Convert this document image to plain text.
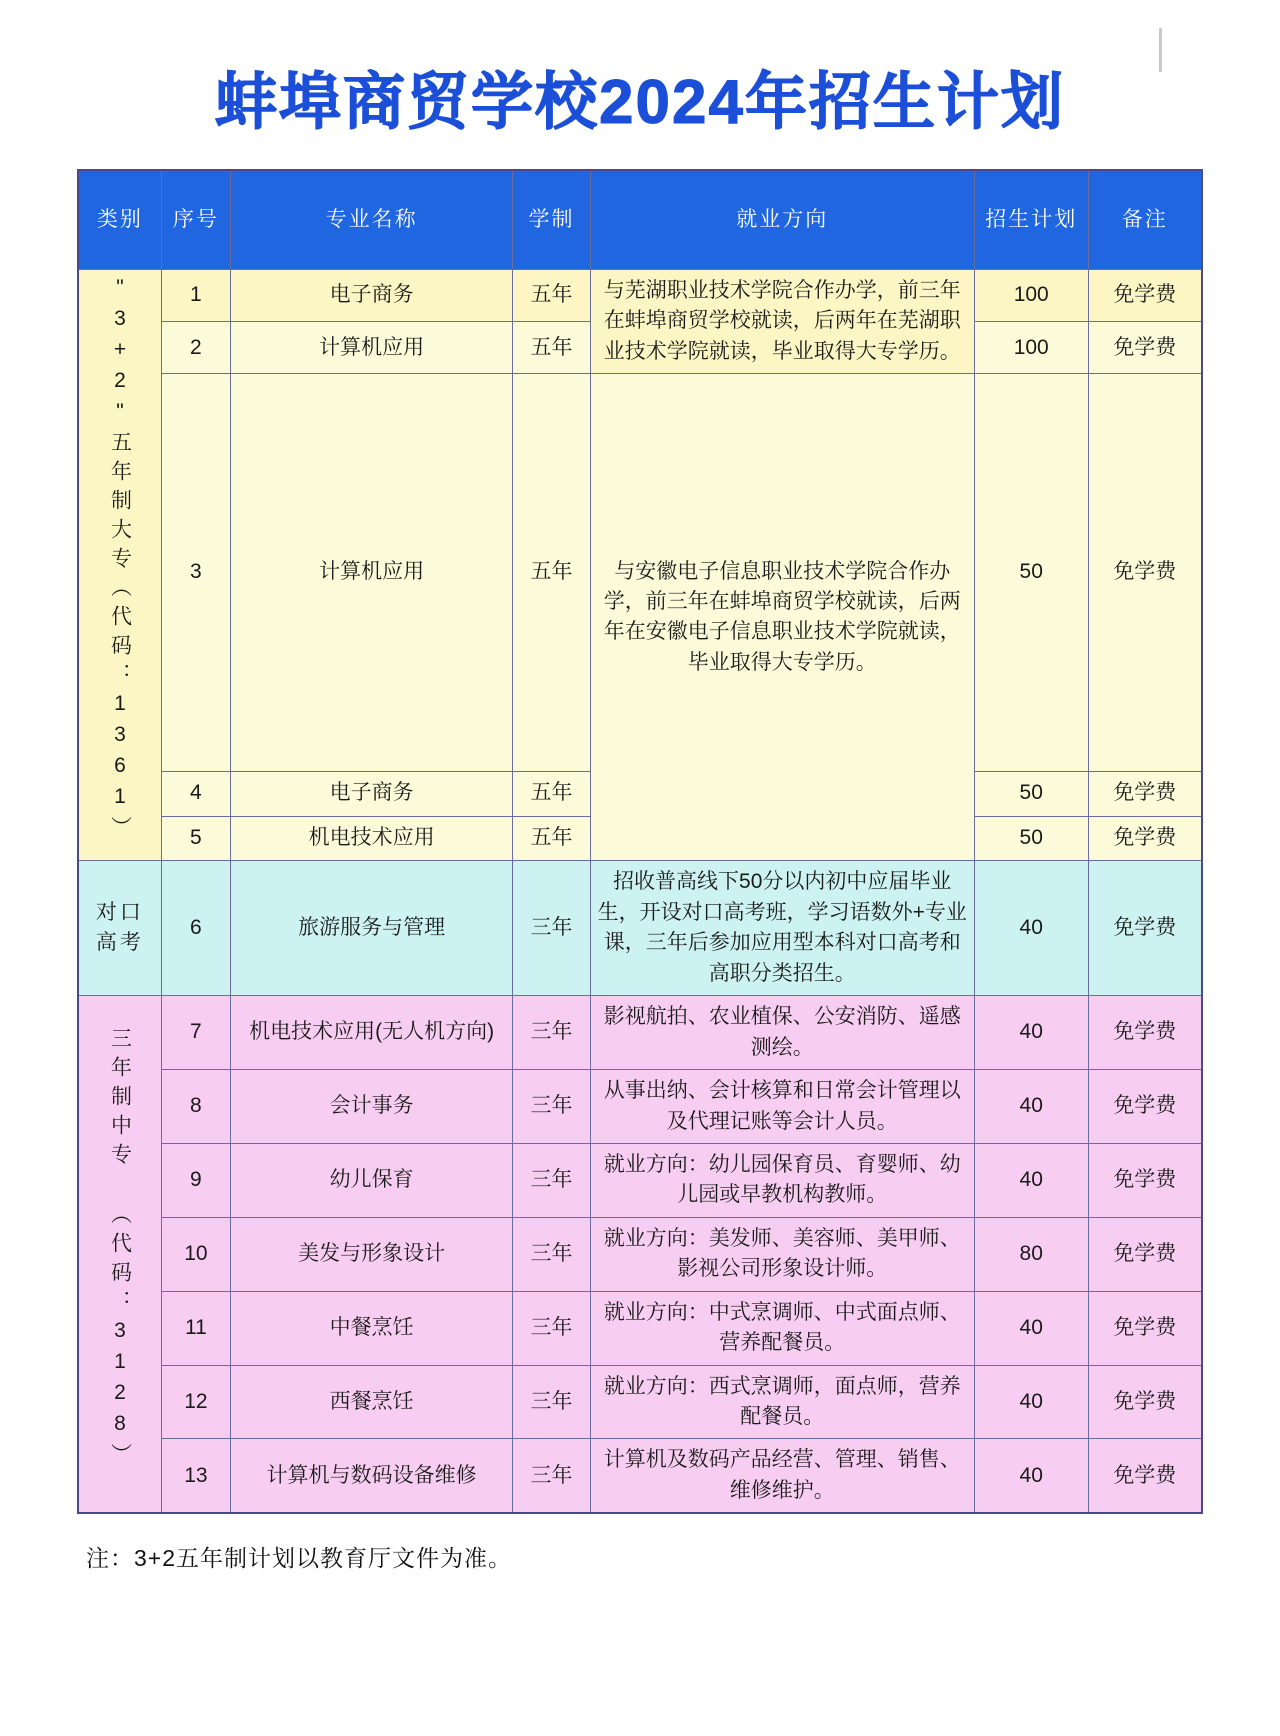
蚌埠商贸学校2024年招生计划
类别	序号	专业名称	学制	就业方向	招生计划	备注
"3+2"五年制大专（代码：1361）	1	电子商务	五年	与芜湖职业技术学院合作办学，前三年在蚌埠商贸学校就读，后两年在芜湖职业技术学院就读，毕业取得大专学历。	100	免学费
	2	计算机应用	五年		100	免学费
	3	计算机应用	五年	与安徽电子信息职业技术学院合作办学，前三年在蚌埠商贸学校就读，后两年在安徽电子信息职业技术学院就读，毕业取得大专学历。	50	免学费
	4	电子商务	五年		50	免学费
	5	机电技术应用	五年		50	免学费
对口高考	6	旅游服务与管理	三年	招收普高线下50分以内初中应届毕业生，开设对口高考班，学习语数外+专业课，三年后参加应用型本科对口高考和高职分类招生。	40	免学费
三年制中专 （代码：3128）	7	机电技术应用(无人机方向)	三年	影视航拍、农业植保、公安消防、遥感测绘。	40	免学费
	8	会计事务	三年	从事出纳、会计核算和日常会计管理以及代理记账等会计人员。	40	免学费
	9	幼儿保育	三年	就业方向：幼儿园保育员、育婴师、幼儿园或早教机构教师。	40	免学费
	10	美发与形象设计	三年	就业方向：美发师、美容师、美甲师、影视公司形象设计师。	80	免学费
	11	中餐烹饪	三年	就业方向：中式烹调师、中式面点师、营养配餐员。	40	免学费
	12	西餐烹饪	三年	就业方向：西式烹调师，面点师，营养配餐员。	40	免学费
	13	计算机与数码设备维修	三年	计算机及数码产品经营、管理、销售、维修维护。	40	免学费
注：3+2五年制计划以教育厅文件为准。
